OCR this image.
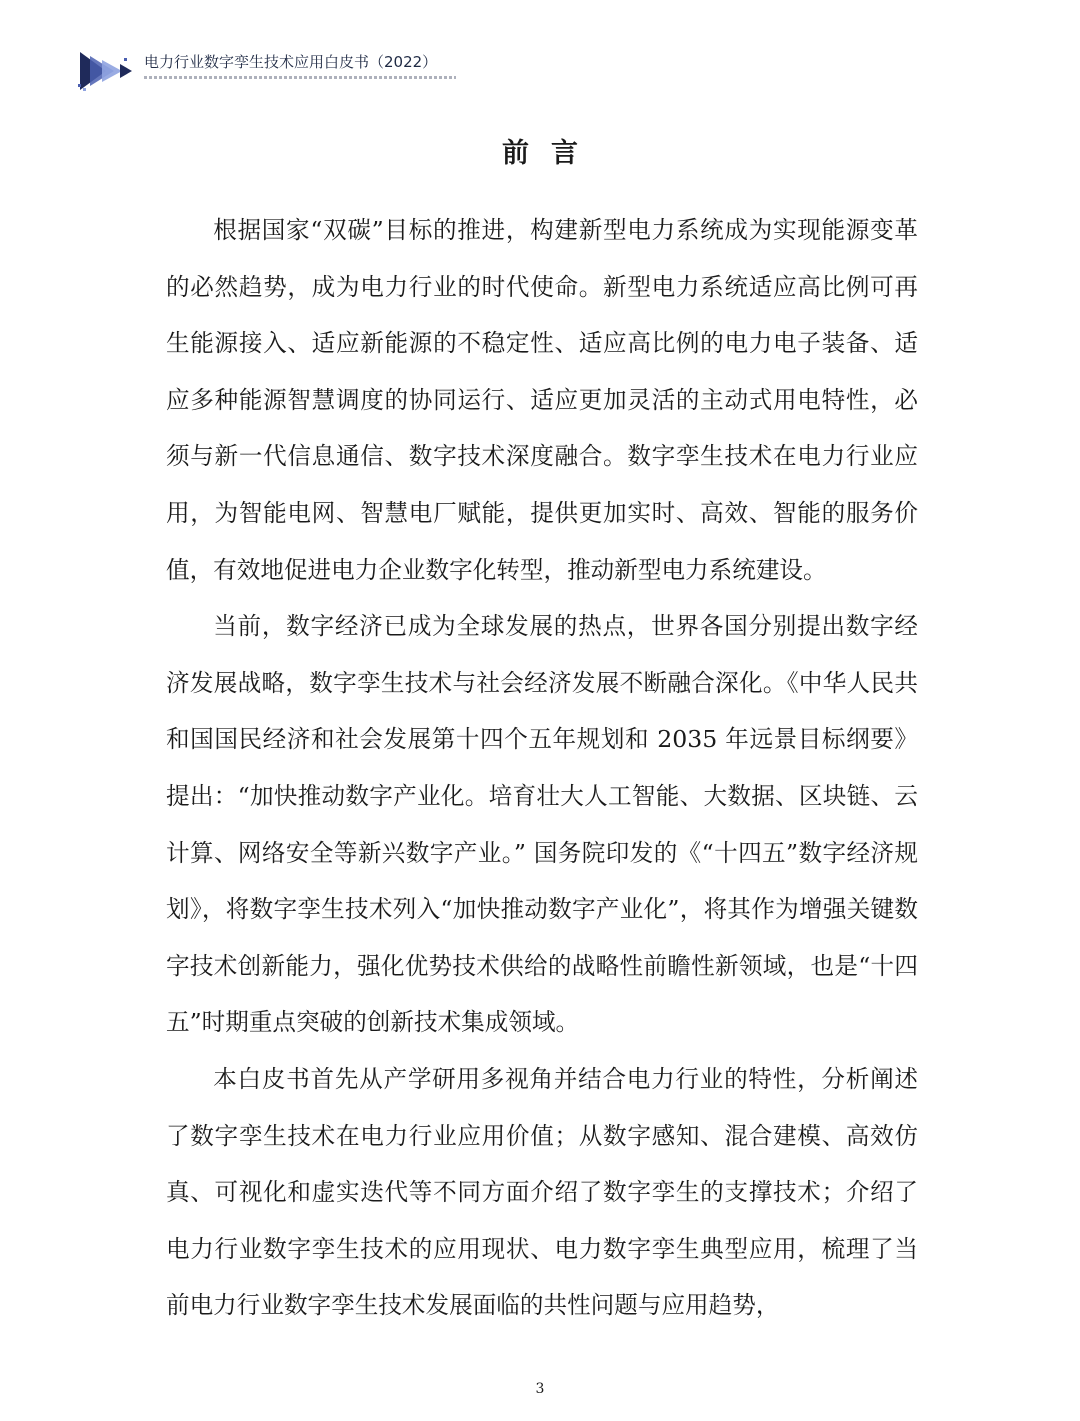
电力行业数字孪生技术应用白皮书（2022）
前言

根据国家“双碳”目标的推进，构建新型电力系统成为实现能源变革的必然趋势，成为电力行业的时代使命。新型电力系统适应高比例可再生能源接入、适应新能源的不稳定性、适应高比例的电力电子装备、适应多种能源智慧调度的协同运行、适应更加灵活的主动式用电特性，必须与新一代信息通信、数字技术深度融合。数字孪生技术在电力行业应用，为智能电网、智慧电厂赋能，提供更加实时、高效、智能的服务价值，有效地促进电力企业数字化转型，推动新型电力系统建设。

当前，数字经济已成为全球发展的热点，世界各国分别提出数字经济发展战略，数字孪生技术与社会经济发展不断融合深化。《中华人民共和国国民经济和社会发展第十四个五年规划和 2035 年远景目标纲要》提出：“加快推动数字产业化。培育壮大人工智能、大数据、区块链、云计算、网络安全等新兴数字产业。” 国务院印发的《“十四五”数字经济规划》，将数字孪生技术列入“加快推动数字产业化”，将其作为增强关键数字技术创新能力，强化优势技术供给的战略性前瞻性新领域，也是“十四五”时期重点突破的创新技术集成领域。

本白皮书首先从产学研用多视角并结合电力行业的特性，分析阐述了数字孪生技术在电力行业应用价值；从数字感知、混合建模、高效仿真、可视化和虚实迭代等不同方面介绍了数字孪生的支撑技术；介绍了电力行业数字孪生技术的应用现状、电力数字孪生典型应用，梳理了当前电力行业数字孪生技术发展面临的共性问题与应用趋势，

3
